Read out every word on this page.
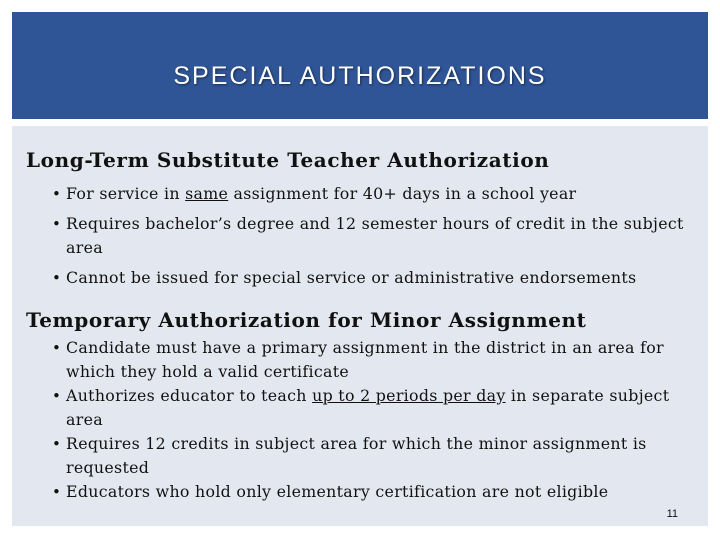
SPECIAL AUTHORIZATIONS
Long-Term Substitute Teacher Authorization
• For service in same assignment for 40+ days in a school year
• Requires bachelor’s degree and 12 semester hours of credit in the subject area
• Cannot be issued for special service or administrative endorsements
Temporary Authorization for Minor Assignment
• Candidate must have a primary assignment in the district in an area for which they hold a valid certificate
• Authorizes educator to teach up to 2 periods per day in separate subject area
• Requires 12 credits in subject area for which the minor assignment is requested
• Educators who hold only elementary certification are not eligible
11
